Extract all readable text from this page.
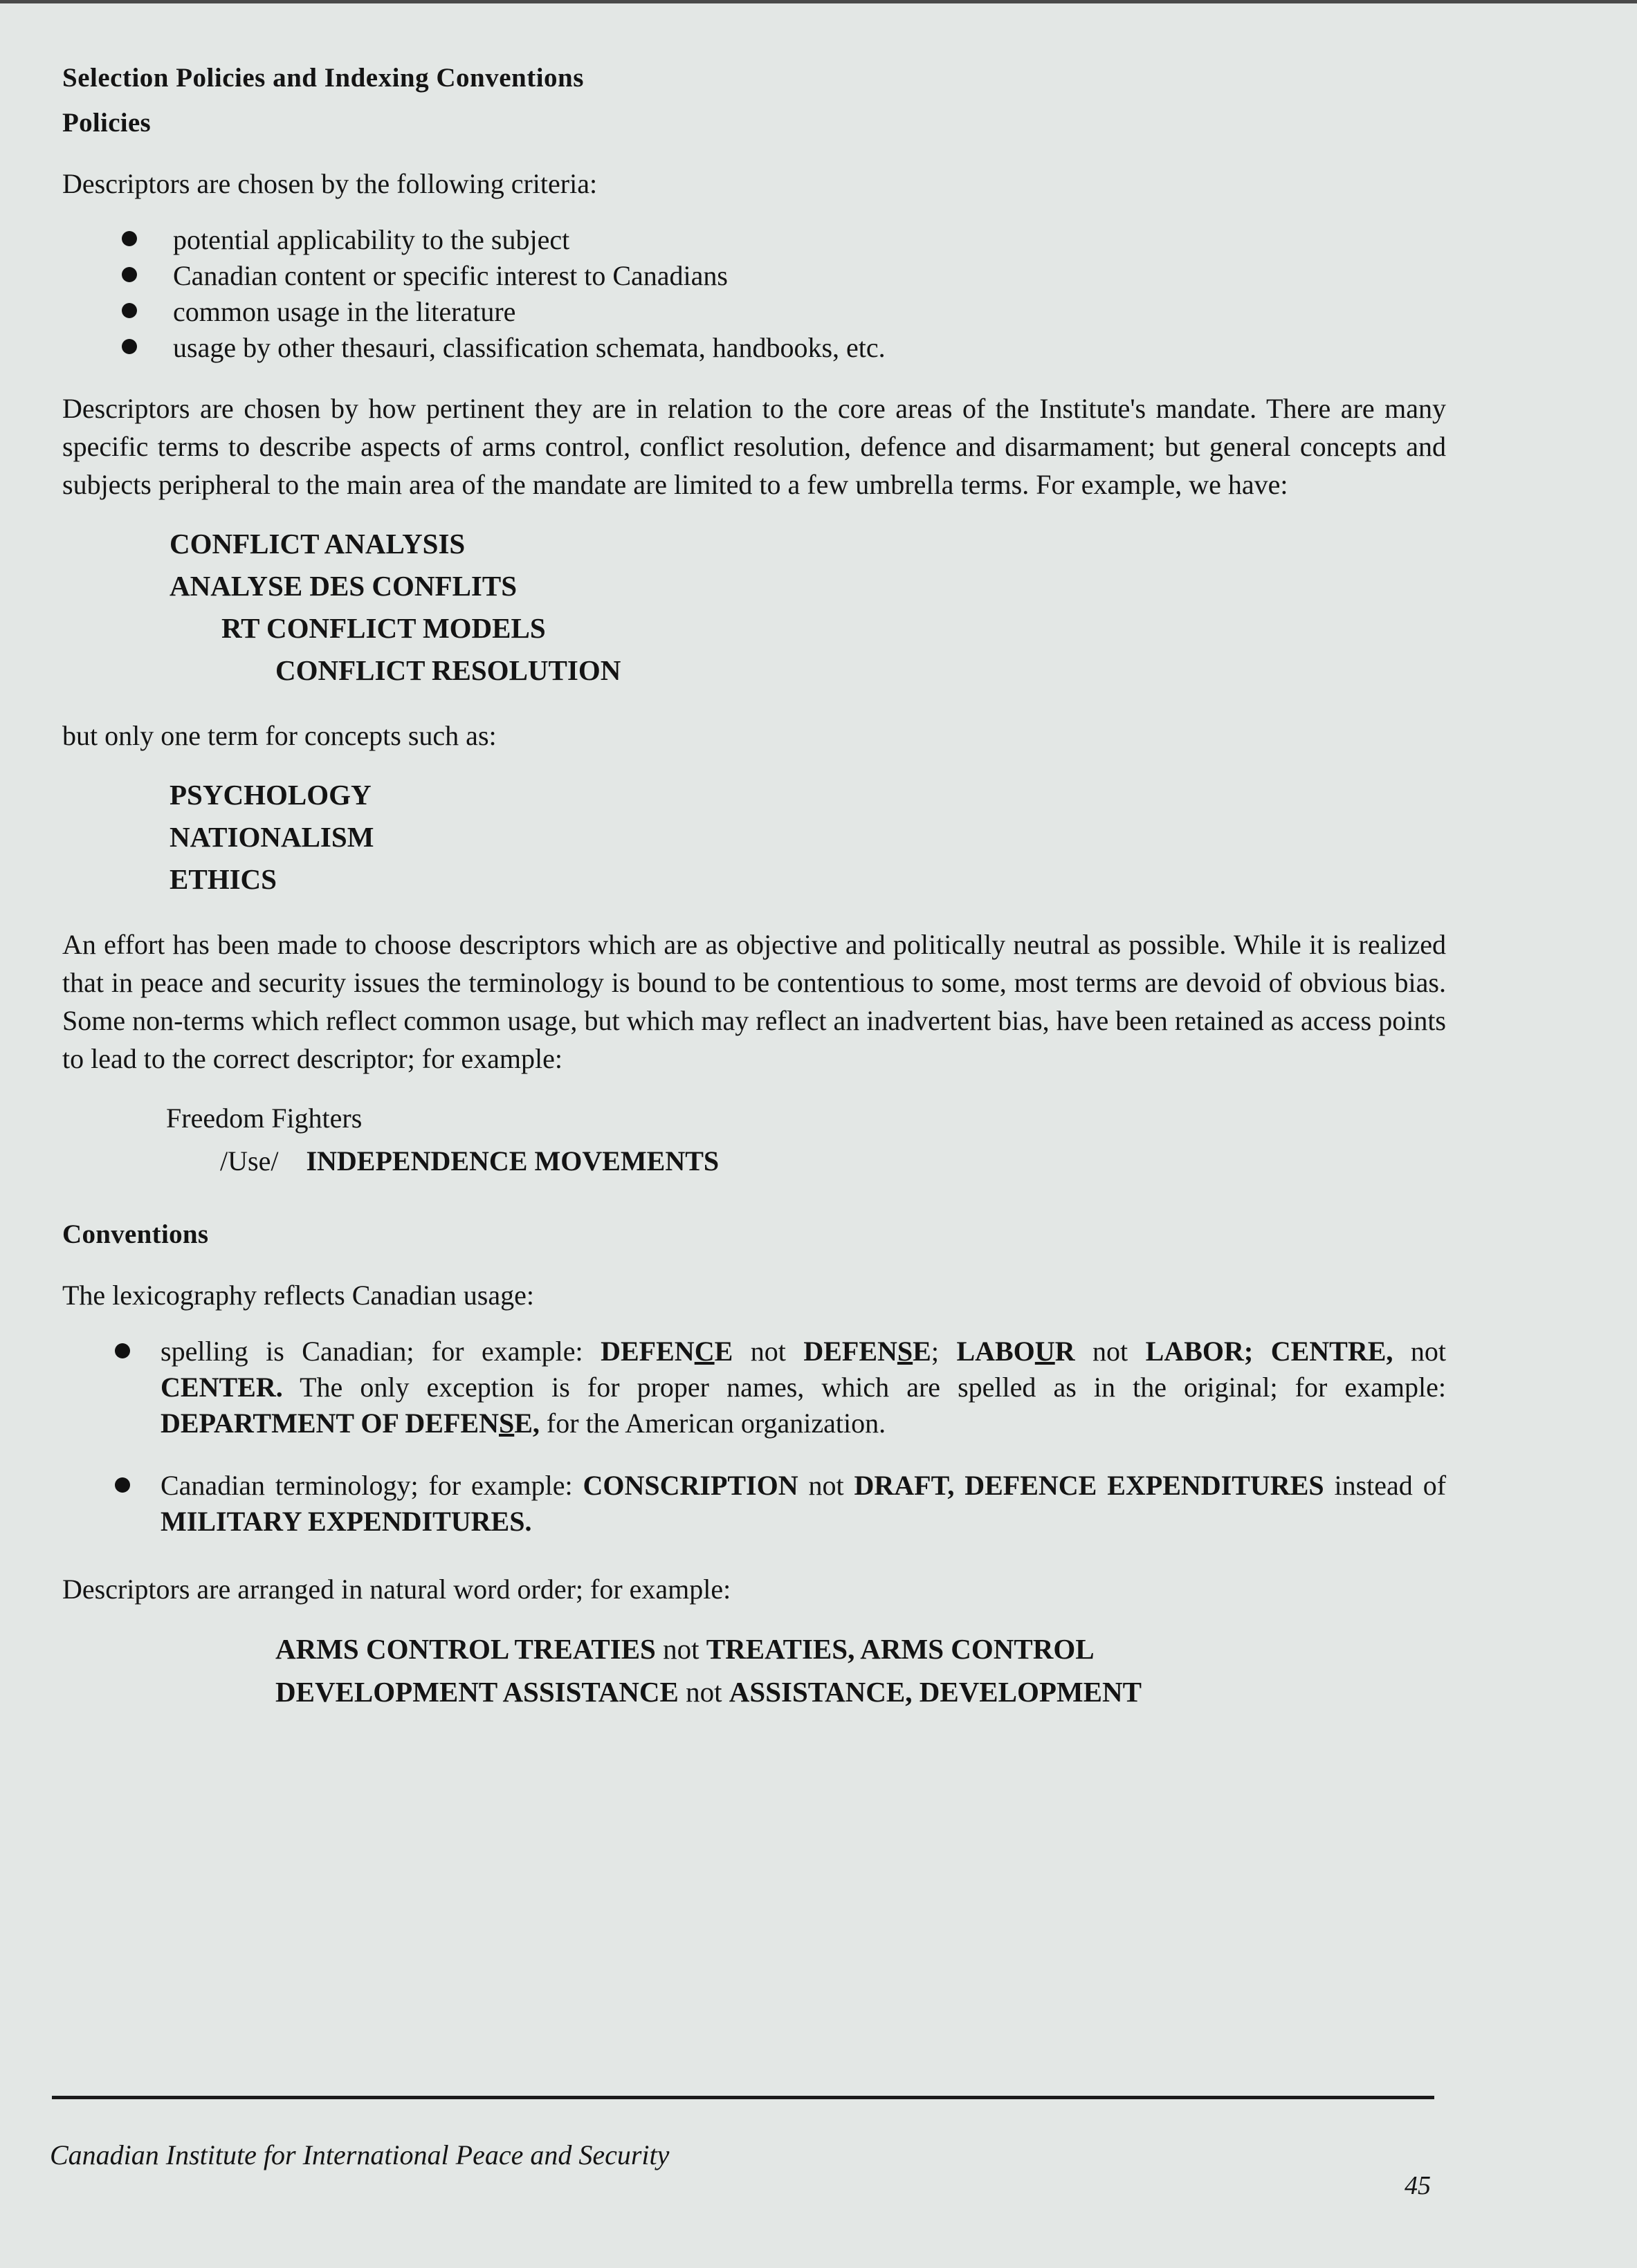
Selection Policies and Indexing Conventions
Policies

Descriptors are chosen by the following criteria:

potential applicability to the subject
Canadian content or specific interest to Canadians
common usage in the literature
usage by other thesauri, classification schemata, handbooks, etc.

Descriptors are chosen by how pertinent they are in relation to the core areas of the Institute's mandate. There are many specific terms to describe aspects of arms control, conflict resolution, defence and disarmament; but general concepts and subjects peripheral to the main area of the mandate are limited to a few umbrella terms. For example, we have:

CONFLICT ANALYSIS
ANALYSE DES CONFLITS
RT CONFLICT MODELS
CONFLICT RESOLUTION

but only one term for concepts such as:

PSYCHOLOGY
NATIONALISM
ETHICS

An effort has been made to choose descriptors which are as objective and politically neutral as possible. While it is realized that in peace and security issues the terminology is bound to be contentious to some, most terms are devoid of obvious bias. Some non-terms which reflect common usage, but which may reflect an inadvertent bias, have been retained as access points to lead to the correct descriptor; for example:

Freedom Fighters
/Use/ INDEPENDENCE MOVEMENTS
Conventions

The lexicography reflects Canadian usage:

spelling is Canadian; for example: DEFENCE not DEFENSE; LABOUR not LABOR; CENTRE, not CENTER. The only exception is for proper names, which are spelled as in the original; for example: DEPARTMENT OF DEFENSE, for the American organization.
Canadian terminology; for example: CONSCRIPTION not DRAFT, DEFENCE EXPENDITURES instead of MILITARY EXPENDITURES.

Descriptors are arranged in natural word order; for example:

ARMS CONTROL TREATIES not TREATIES, ARMS CONTROL
DEVELOPMENT ASSISTANCE not ASSISTANCE, DEVELOPMENT
Canadian Institute for International Peace and Security
45
